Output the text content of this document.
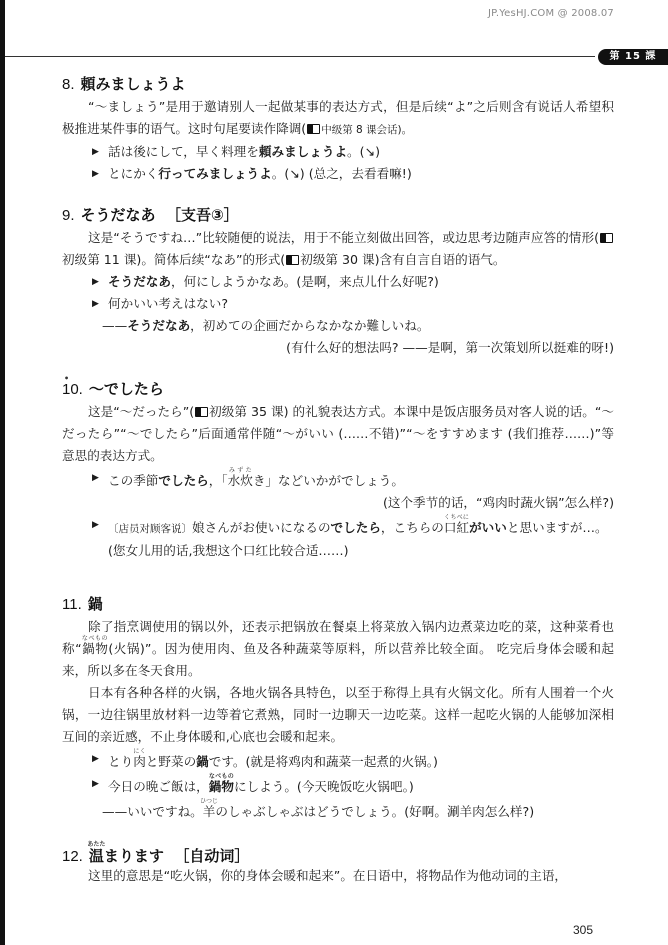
JP.YesHJ.COM @ 2008.07
第 15 課
8. 頼みましょうよ

“～ましょう”是用于邀请别人一起做某事的表达方式，但是后续“よ”之后则含有说话人希望积极推进某件事的语气。这时句尾要读作降调( 中级第 8 课会话)。

▶ 話は後にして，早く料理を頼みましょうよ。(↘)
▶ とにかく行ってみましょうよ。(↘) (总之，去看看嘛!)
9. そうだなあ ［支吾③］

这是“そうですね…”比较随便的说法，用于不能立刻做出回答，或边思考边随声应答的情形(初级第 11 课)。简体后续“なあ”的形式( 初级第 30 课)含有自言自语的语气。

▶ そうだなあ，何にしようかなあ。(是啊，来点儿什么好呢?)
▶ 何かいい考えはない?
——そうだなあ，初めての企画だからなかなか難しいね。
(有什么好的想法吗? ——是啊，第一次策划所以挺难的呀!)
•
10. ～でしたら

这是“～だったら”( 初级第 35 课) 的礼貌表达方式。本课中是饭店服务员对客人说的话。“～だったら”“～でしたら”后面通常伴随“～がいい (……不错)”“～をすすめます (我们推荐……)”等意思的表达方式。

▶ この季節でしたら，「水炊みずたき」などいかがでしょう。
(这个季节的话，“鸡肉时蔬火锅”怎么样?)
▶ 〔店员对顾客说〕娘さんがお使いになるのでしたら，こちらの口紅くちべにがいいと思いますが…。(您女儿用的话,我想这个口红比较合适……)
11. 鍋

除了指烹调使用的锅以外，还表示把锅放在餐桌上将菜放入锅内边煮菜边吃的菜，这种菜肴也称“鍋物なべもの(火锅)”。因为使用肉、鱼及各种蔬菜等原料，所以营养比较全面。 吃完后身体会暖和起来，所以多在冬天食用。

日本有各种各样的火锅，各地火锅各具特色，以至于称得上具有火锅文化。所有人围着一个火锅，一边往锅里放材料一边等着它煮熟，同时一边聊天一边吃菜。这样一起吃火锅的人能够加深相互间的亲近感，不止身体暖和,心底也会暖和起来。

▶ とり肉にくと野菜の鍋です。(就是将鸡肉和蔬菜一起煮的火锅。)
▶ 今日の晩ご飯は，鍋物なべものにしよう。(今天晚饭吃火锅吧。)
——いいですね。羊ひつじのしゃぶしゃぶはどうでしょう。(好啊。涮羊肉怎么样?)
12. 温あたたまります ［自动词］

这里的意思是“吃火锅，你的身体会暖和起来”。在日语中，将物品作为他动词的主语，

305
